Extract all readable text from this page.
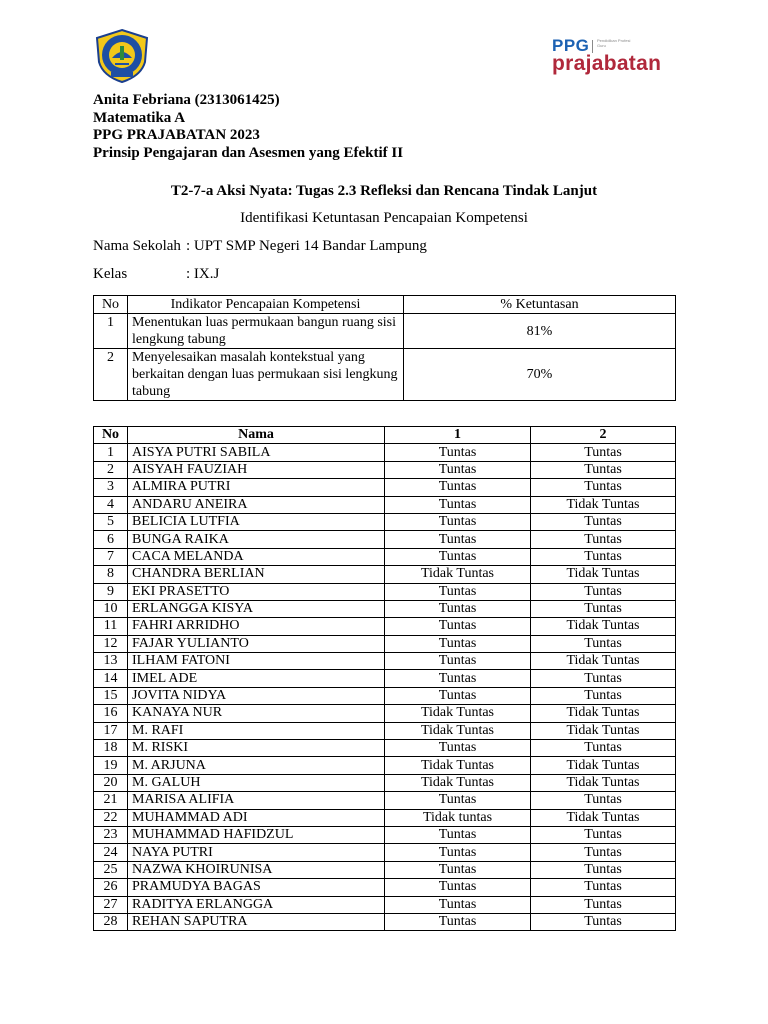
PPG Pendidikan Profesi Guru
prajabatan
Anita Febriana (2313061425)
Matematika A
PPG PRAJABATAN 2023
Prinsip Pengajaran dan Asesmen yang Efektif II
T2-7-a Aksi Nyata: Tugas 2.3 Refleksi dan Rencana Tindak Lanjut
Identifikasi Ketuntasan Pencapaian Kompetensi
Nama Sekolah : UPT SMP Negeri 14 Bandar Lampung
Kelas	: IX.J
No	Indikator Pencapaian Kompetensi	% Ketuntasan
1	Menentukan luas permukaan bangun ruang sisi lengkung tabung	81%
2	Menyelesaikan masalah kontekstual yang berkaitan dengan luas permukaan sisi lengkung tabung	70%
No	Nama	1	2
1	AISYA PUTRI SABILA	Tuntas	Tuntas
2	AISYAH FAUZIAH	Tuntas	Tuntas
3	ALMIRA PUTRI	Tuntas	Tuntas
4	ANDARU ANEIRA	Tuntas	Tidak Tuntas
5	BELICIA LUTFIA	Tuntas	Tuntas
6	BUNGA RAIKA	Tuntas	Tuntas
7	CACA MELANDA	Tuntas	Tuntas
8	CHANDRA BERLIAN	Tidak Tuntas	Tidak Tuntas
9	EKI PRASETTO	Tuntas	Tuntas
10	ERLANGGA KISYA	Tuntas	Tuntas
11	FAHRI ARRIDHO	Tuntas	Tidak Tuntas
12	FAJAR YULIANTO	Tuntas	Tuntas
13	ILHAM FATONI	Tuntas	Tidak Tuntas
14	IMEL ADE	Tuntas	Tuntas
15	JOVITA NIDYA	Tuntas	Tuntas
16	KANAYA NUR	Tidak Tuntas	Tidak Tuntas
17	M. RAFI	Tidak Tuntas	Tidak Tuntas
18	M. RISKI	Tuntas	Tuntas
19	M. ARJUNA	Tidak Tuntas	Tidak Tuntas
20	M. GALUH	Tidak Tuntas	Tidak Tuntas
21	MARISA ALIFIA	Tuntas	Tuntas
22	MUHAMMAD ADI	Tidak tuntas	Tidak Tuntas
23	MUHAMMAD HAFIDZUL	Tuntas	Tuntas
24	NAYA PUTRI	Tuntas	Tuntas
25	NAZWA KHOIRUNISA	Tuntas	Tuntas
26	PRAMUDYA BAGAS	Tuntas	Tuntas
27	RADITYA ERLANGGA	Tuntas	Tuntas
28	REHAN SAPUTRA	Tuntas	Tuntas
